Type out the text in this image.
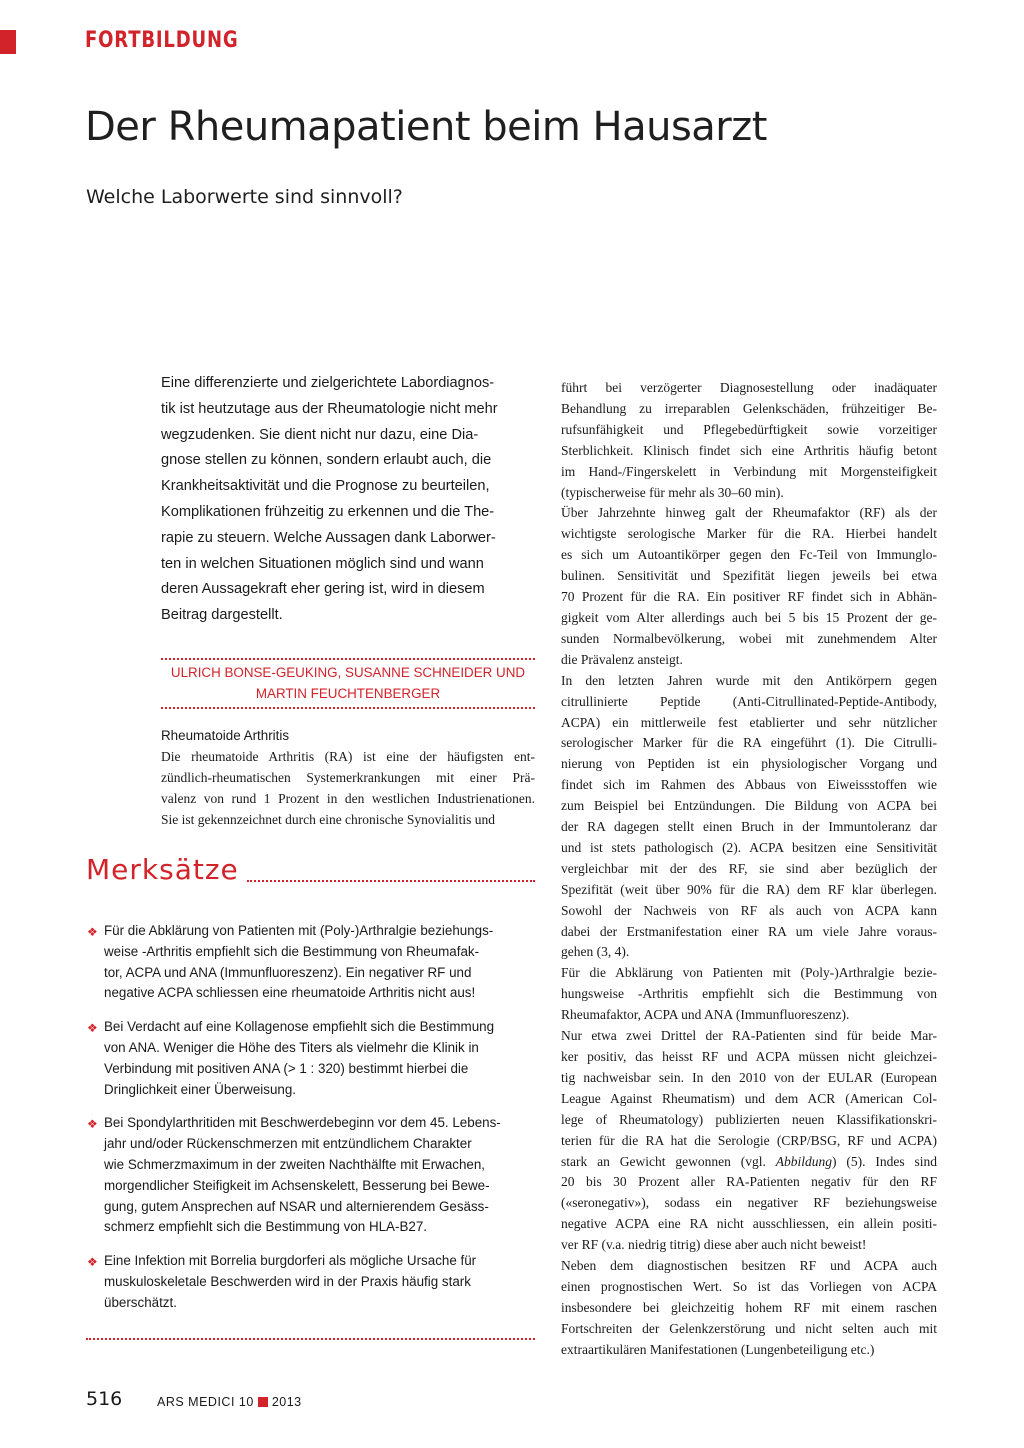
FORTBILDUNG
Der Rheumapatient beim Hausarzt
Welche Laborwerte sind sinnvoll?
Eine differenzierte und zielgerichtete Labordiagnos-
tik ist heutzutage aus der Rheumatologie nicht mehr
wegzudenken. Sie dient nicht nur dazu, eine Dia-
gnose stellen zu können, sondern erlaubt auch, die
Krankheitsaktivität und die Prognose zu beurteilen,
Komplikationen frühzeitig zu erkennen und die The-
rapie zu steuern. Welche Aussagen dank Laborwer-
ten in welchen Situationen möglich sind und wann
deren Aussagekraft eher gering ist, wird in diesem
Beitrag dargestellt.
ULRICH BONSE-GEUKING, SUSANNE SCHNEIDER UND
MARTIN FEUCHTENBERGER
Rheumatoide Arthritis
Die rheumatoide Arthritis (RA) ist eine der häufigsten ent-
zündlich-rheumatischen Systemerkrankungen mit einer Prä-
valenz von rund 1 Prozent in den westlichen Industrienationen.
Sie ist gekennzeichnet durch eine chronische Synovialitis und
Merksätze
❖ Für die Abklärung von Patienten mit (Poly-)Arthralgie beziehungs-
weise -Arthritis empfiehlt sich die Bestimmung von Rheumafak-
tor, ACPA und ANA (Immunfluoreszenz). Ein negativer RF und
negative ACPA schliessen eine rheumatoide Arthritis nicht aus!
❖ Bei Verdacht auf eine Kollagenose empfiehlt sich die Bestimmung
von ANA. Weniger die Höhe des Titers als vielmehr die Klinik in
Verbindung mit positiven ANA (> 1 : 320) bestimmt hierbei die
Dringlichkeit einer Überweisung.
❖ Bei Spondylarthritiden mit Beschwerdebeginn vor dem 45. Lebens-
jahr und/oder Rückenschmerzen mit entzündlichem Charakter
wie Schmerzmaximum in der zweiten Nachthälfte mit Erwachen,
morgendlicher Steifigkeit im Achsenskelett, Besserung bei Bewe-
gung, gutem Ansprechen auf NSAR und alternierendem Gesäss-
schmerz empfiehlt sich die Bestimmung von HLA-B27.
❖ Eine Infektion mit Borrelia burgdorferi als mögliche Ursache für
muskuloskeletale Beschwerden wird in der Praxis häufig stark
überschätzt.
führt bei verzögerter Diagnosestellung oder inadäquater
Behandlung zu irreparablen Gelenkschäden, frühzeitiger Be-
rufsunfähigkeit und Pflegebedürftigkeit sowie vorzeitiger
Sterblichkeit. Klinisch findet sich eine Arthritis häufig betont
im Hand-/Fingerskelett in Verbindung mit Morgensteifigkeit
(typischerweise für mehr als 30–60 min).
Über Jahrzehnte hinweg galt der Rheumafaktor (RF) als der
wichtigste serologische Marker für die RA. Hierbei handelt
es sich um Autoantikörper gegen den Fc-Teil von Immunglo-
bulinen. Sensitivität und Spezifität liegen jeweils bei etwa
70 Prozent für die RA. Ein positiver RF findet sich in Abhän-
gigkeit vom Alter allerdings auch bei 5 bis 15 Prozent der ge-
sunden Normalbevölkerung, wobei mit zunehmendem Alter
die Prävalenz ansteigt.
In den letzten Jahren wurde mit den Antikörpern gegen
citrullinierte Peptide (Anti-Citrullinated-Peptide-Antibody,
ACPA) ein mittlerweile fest etablierter und sehr nützlicher
serologischer Marker für die RA eingeführt (1). Die Citrulli-
nierung von Peptiden ist ein physiologischer Vorgang und
findet sich im Rahmen des Abbaus von Eiweissstoffen wie
zum Beispiel bei Entzündungen. Die Bildung von ACPA bei
der RA dagegen stellt einen Bruch in der Immuntoleranz dar
und ist stets pathologisch (2). ACPA besitzen eine Sensitivität
vergleichbar mit der des RF, sie sind aber bezüglich der
Spezifität (weit über 90% für die RA) dem RF klar überlegen.
Sowohl der Nachweis von RF als auch von ACPA kann
dabei der Erstmanifestation einer RA um viele Jahre voraus-
gehen (3, 4).
Für die Abklärung von Patienten mit (Poly-)Arthralgie bezie-
hungsweise -Arthritis empfiehlt sich die Bestimmung von
Rheumafaktor, ACPA und ANA (Immunfluoreszenz).
Nur etwa zwei Drittel der RA-Patienten sind für beide Mar-
ker positiv, das heisst RF und ACPA müssen nicht gleichzei-
tig nachweisbar sein. In den 2010 von der EULAR (European
League Against Rheumatism) und dem ACR (American Col-
lege of Rheumatology) publizierten neuen Klassifikationskri-
terien für die RA hat die Serologie (CRP/BSG, RF und ACPA)
stark an Gewicht gewonnen (vgl. Abbildung) (5). Indes sind
20 bis 30 Prozent aller RA-Patienten negativ für den RF
(«seronegativ»), sodass ein negativer RF beziehungsweise
negative ACPA eine RA nicht ausschliessen, ein allein positi-
ver RF (v.a. niedrig titrig) diese aber auch nicht beweist!
Neben dem diagnostischen besitzen RF und ACPA auch
einen prognostischen Wert. So ist das Vorliegen von ACPA
insbesondere bei gleichzeitig hohem RF mit einem raschen
Fortschreiten der Gelenkzerstörung und nicht selten auch mit
extraartikulären Manifestationen (Lungenbeteiligung etc.)
516	ARS MEDICI 10 2013
